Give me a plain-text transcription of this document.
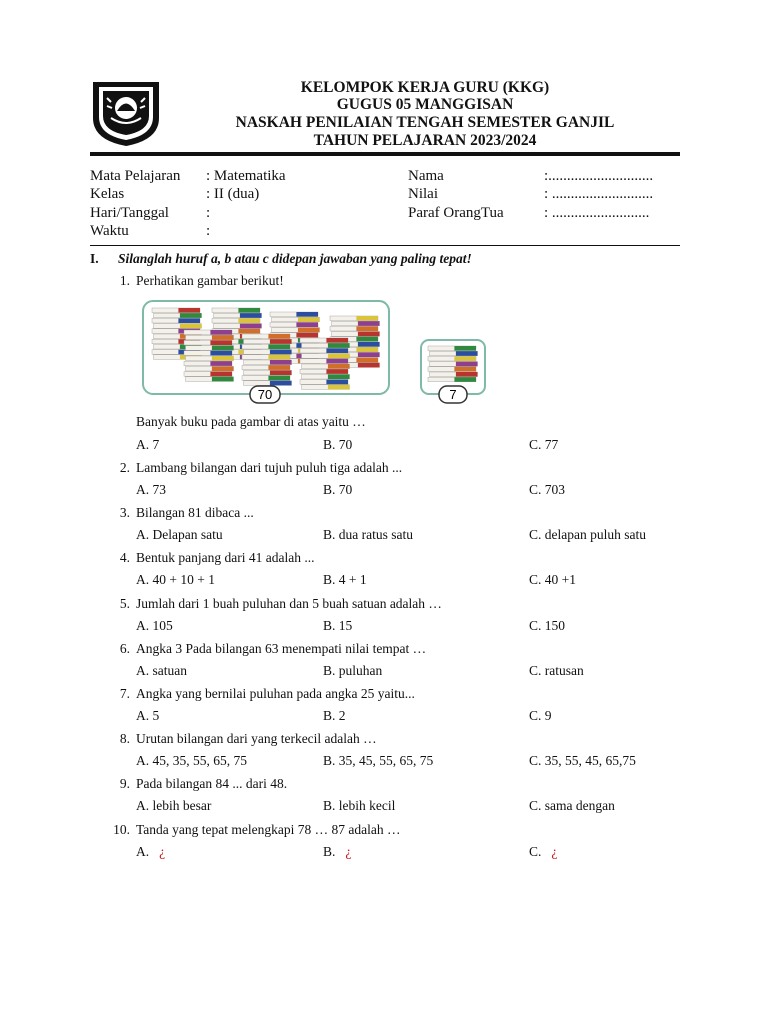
KELOMPOK KERJA GURU (KKG)
GUGUS 05 MANGGISAN
NASKAH PENILAIAN TENGAH SEMESTER GANJIL
TAHUN PELAJARAN 2023/2024
Mata Pelajaran : Matematika
Kelas	: II (dua)
Hari/Tanggal :
Waktu	:
Nama	:............................
Nilai	: ...........................
Paraf OrangTua	: ..........................
I. Silanglah huruf a, b atau c didepan jawaban yang paling tepat!
1. Perhatikan gambar berikut!
70	7
Banyak buku pada gambar di atas yaitu …
A. 7	B. 70	C. 77
2. Lambang bilangan dari tujuh puluh tiga adalah ...
A. 73	B. 70	C. 703
3. Bilangan 81 dibaca ...
A. Delapan satu	B. dua ratus satu	C. delapan puluh satu
4. Bentuk panjang dari 41 adalah ...
A. 40 + 10 + 1	B. 4 + 1	C. 40 +1
5. Jumlah dari 1 buah puluhan dan 5 buah satuan adalah …
A. 105	B. 15	C. 150
6. Angka 3 Pada bilangan 63 menempati nilai tempat …
A. satuan	B. puluhan	C. ratusan
7. Angka yang bernilai puluhan pada angka 25 yaitu...
A. 5	B. 2	C. 9
8. Urutan bilangan dari yang terkecil adalah …
A. 45, 35, 55, 65, 75	B. 35, 45, 55, 65, 75	C. 35, 55, 45, 65,75
9. Pada bilangan 84 ... dari 48.
A. lebih besar	B. lebih kecil	C. sama dengan
10. Tanda yang tepat melengkapi 78 … 87 adalah …
A. ¿	B. ¿	C. ¿
